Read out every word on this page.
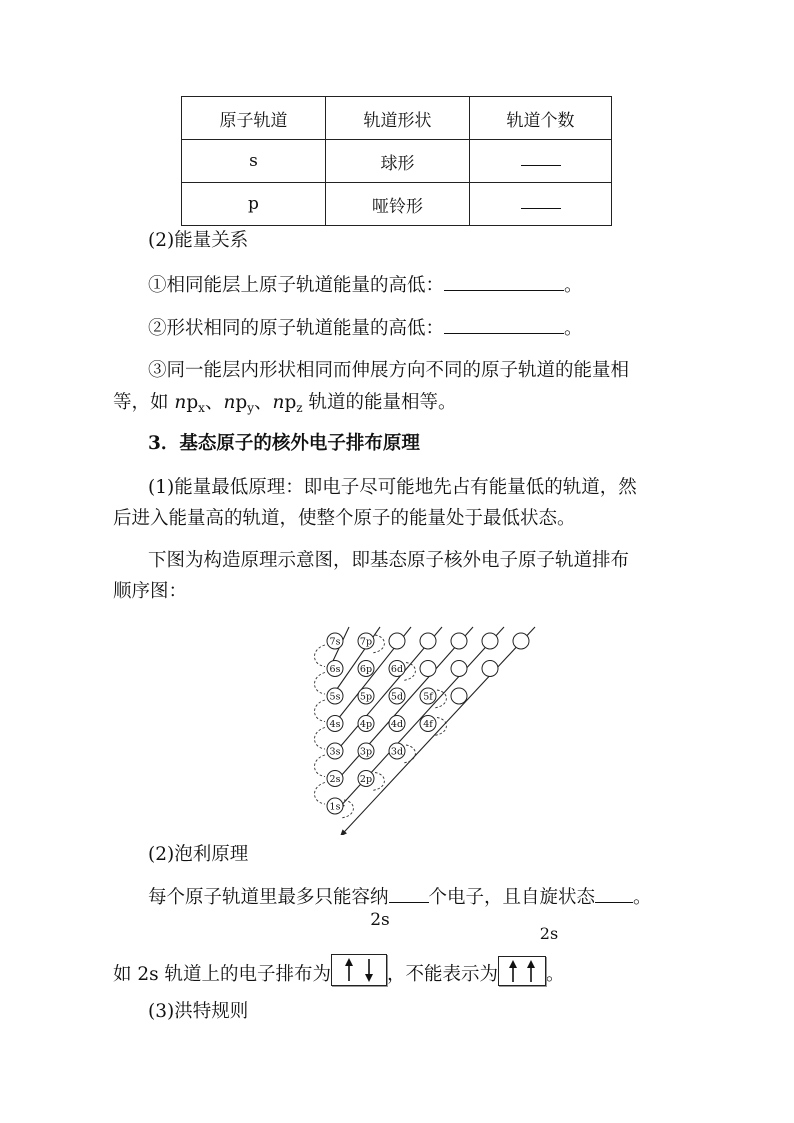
原子轨道	轨道形状	轨道个数
s	球形	
p	哑铃形	
(2)能量关系
①相同能层上原子轨道能量的高低：	。
②形状相同的原子轨道能量的高低：	。
③同一能层内形状相同而伸展方向不同的原子轨道的能量相
等，如 $np_x$、$np_y$、$np_z$ 轨道的能量相等。
3．基态原子的核外电子排布原理
(1)能量最低原理：即电子尽可能地先占有能量低的轨道，然
后进入能量高的轨道，使整个原子的能量处于最低状态。
下图为构造原理示意图，即基态原子核外电子原子轨道排布
顺序图：
7s 7p
6s 6p 6d
5s 5p 5d 5f
4s 4p 4d 4f
3s 3p 3d
2s 2p
1s
(2)泡利原理
每个原子轨道里最多只能容纳 个电子，且自旋状态 。
2s
2s
如 2s 轨道上的电子排布为	，不能表示为	。
(3)洪特规则
